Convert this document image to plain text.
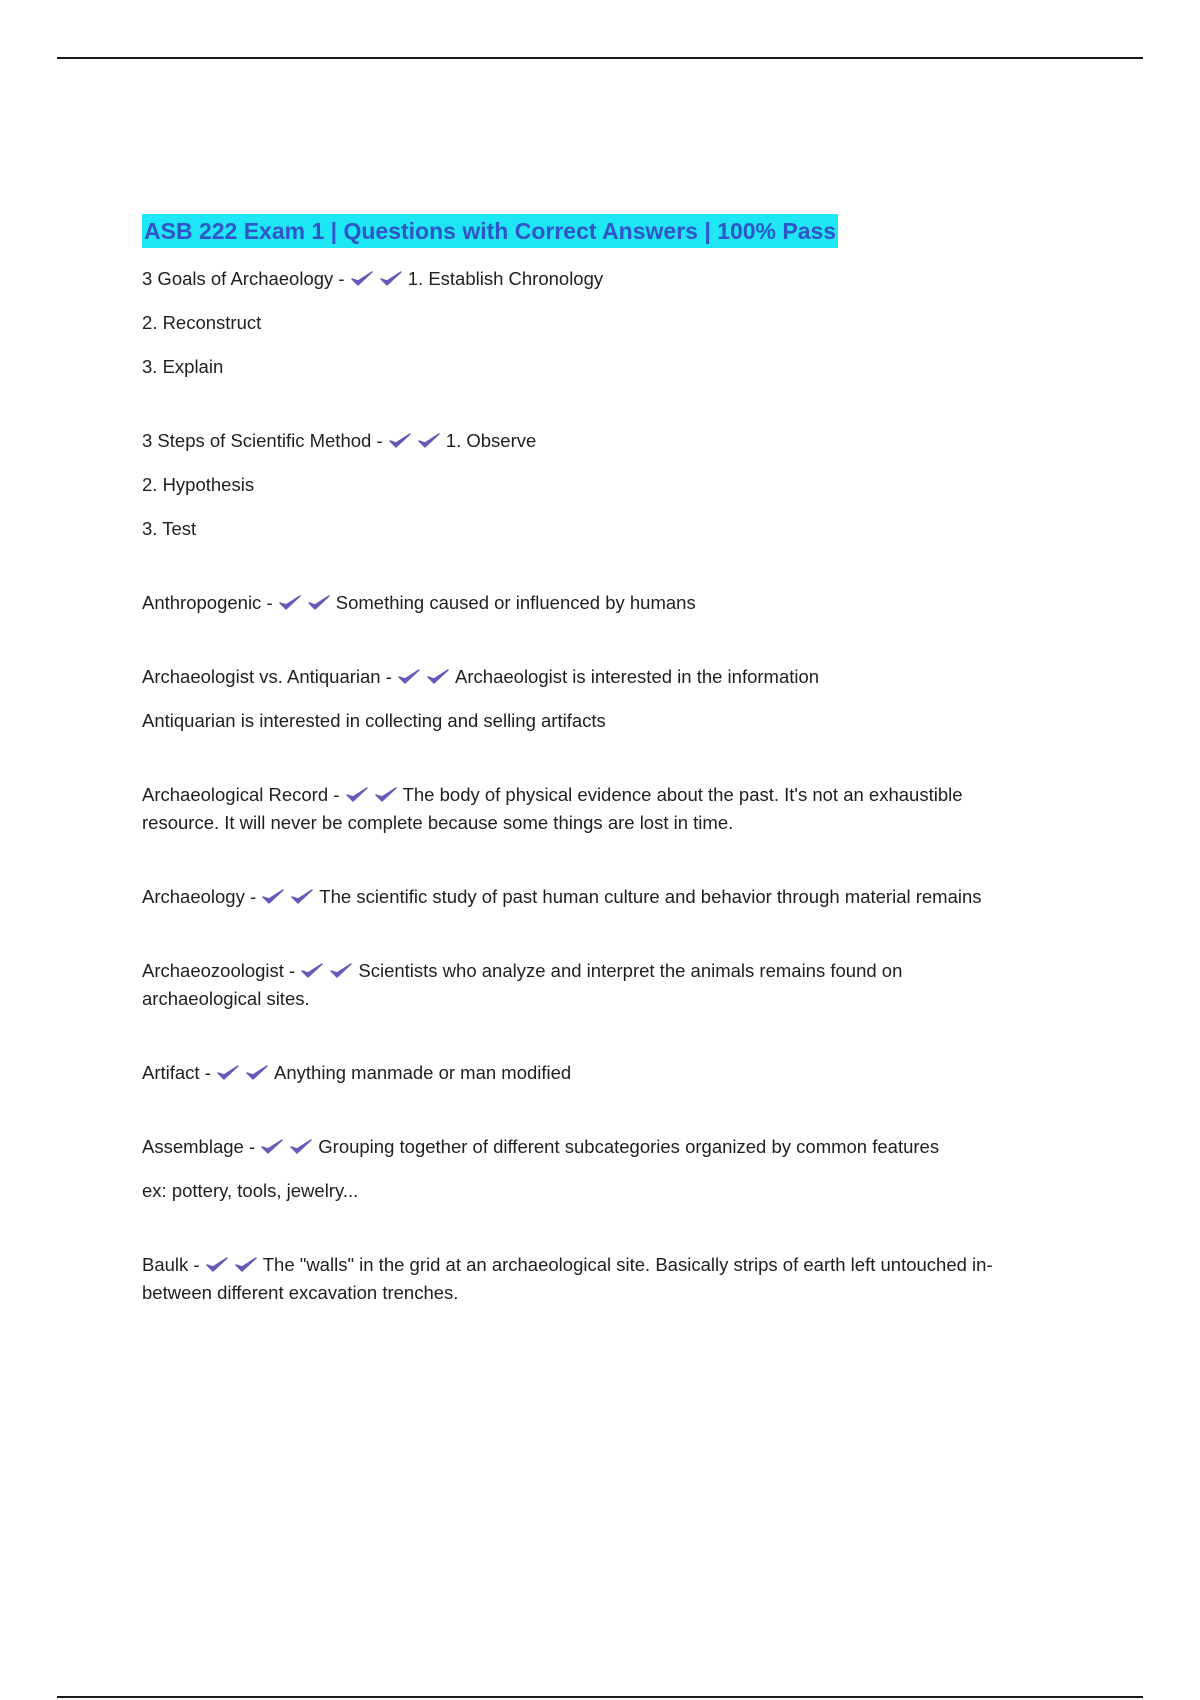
ASB 222 Exam 1 | Questions with Correct Answers | 100% Pass
3 Goals of Archaeology -	1. Establish Chronology
2. Reconstruct
3. Explain
3 Steps of Scientific Method -	1. Observe
2. Hypothesis
3. Test
Anthropogenic -	Something caused or influenced by humans
Archaeologist vs. Antiquarian -	Archaeologist is interested in the information
Antiquarian is interested in collecting and selling artifacts
Archaeological Record -	The body of physical evidence about the past. It's not an exhaustible
resource. It will never be complete because some things are lost in time.
Archaeology -	The scientific study of past human culture and behavior through material remains
Archaeozoologist -	Scientists who analyze and interpret the animals remains found on
archaeological sites.
Artifact -	Anything manmade or man modified
Assemblage -	Grouping together of different subcategories organized by common features
ex: pottery, tools, jewelry...
Baulk -	The "walls" in the grid at an archaeological site. Basically strips of earth left untouched in-
between different excavation trenches.
